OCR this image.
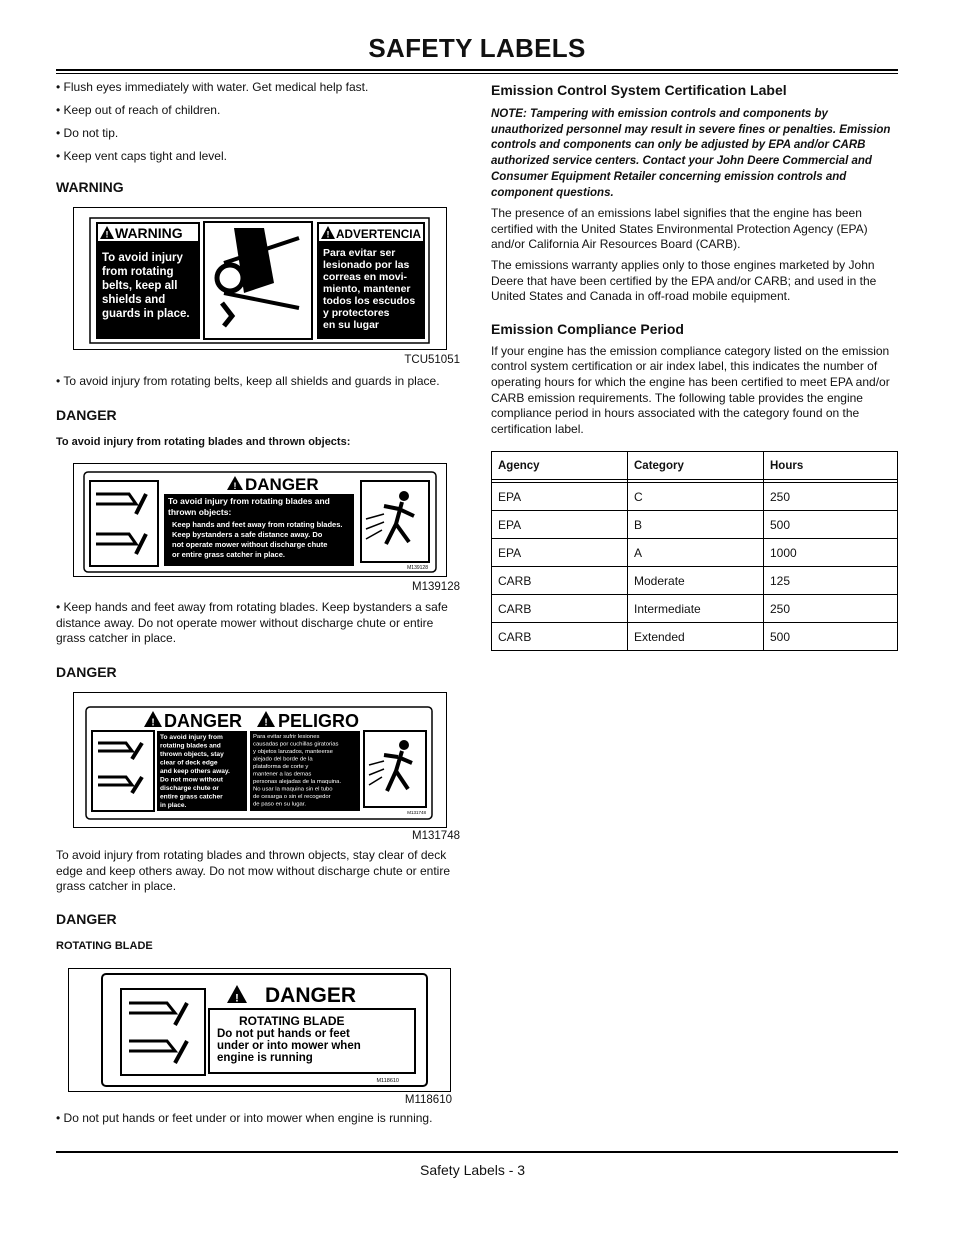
SAFETY LABELS

• Flush eyes immediately with water. Get medical help fast.

• Keep out of reach of children.

• Do not tip.

• Keep vent caps tight and level.

WARNING
! WARNING
To avoid injury
from rotating
belts, keep all
shields and
guards in place.
! ADVERTENCIA
Para evitar ser
lesionado por las
correas en movi-
miento, mantener
todos los escudos
y protectores
en su lugar
TCU51051

TCU51051

• To avoid injury from rotating belts, keep all shields and guards in place.

DANGER

To avoid injury from rotating blades and thrown objects:

! DANGER
To avoid injury from rotating blades and
thrown objects:
Keep hands and feet away from rotating blades.
Keep bystanders a safe distance away. Do
not operate mower without discharge chute
or entire grass catcher in place.
M139128

M139128

• Keep hands and feet away from rotating blades. Keep bystanders a safe distance away. Do not operate mower without discharge chute or entire grass catcher in place.

DANGER
! DANGER ! PELIGRO
To avoid injury from
rotating blades and
thrown objects, stay
clear of deck edge
and keep others away.
Do not mow without
discharge chute or
entire grass catcher
in place.
Para evitar sufrir lesiones
causadas por cuchillas giratorias
y objetos lanzados, manteerse
alejado del borde de la
plataforma de corte y
mantener a las demas
personas alejadas de la maquina.
No usar la maquina sin el tubo
de cesarga o sin el recogedor
de paso en su lugar.
M131748

M131748

To avoid injury from rotating blades and thrown objects, stay clear of deck edge and keep others away. Do not mow without discharge chute or entire grass catcher in place.

DANGER

ROTATING BLADE

! DANGER
ROTATING BLADE
Do not put hands or feet
under or into mower when
engine is running
M118610

M118610

• Do not put hands or feet under or into mower when engine is running.

Emission Control System Certification Label

NOTE: Tampering with emission controls and components by unauthorized personnel may result in severe fines or penalties. Emission controls and components can only be adjusted by EPA and/or CARB authorized service centers. Contact your John Deere Commercial and Consumer Equipment Retailer concerning emission controls and component questions.

The presence of an emissions label signifies that the engine has been certified with the United States Environmental Protection Agency (EPA) and/or California Air Resources Board (CARB).

The emissions warranty applies only to those engines marketed by John Deere that have been certified by the EPA and/or CARB; and used in the United States and Canada in off-road mobile equipment.

Emission Compliance Period

If your engine has the emission compliance category listed on the emission control system certification or air index label, this indicates the number of operating hours for which the engine has been certified to meet EPA and/or CARB emission requirements. The following table provides the engine compliance period in hours associated with the category found on the certification label.

Agency	Category	Hours

EPA	C	250
EPA	B	500
EPA	A	1000
CARB	Moderate	125
CARB	Intermediate	250
CARB	Extended	500
Safety Labels - 3
